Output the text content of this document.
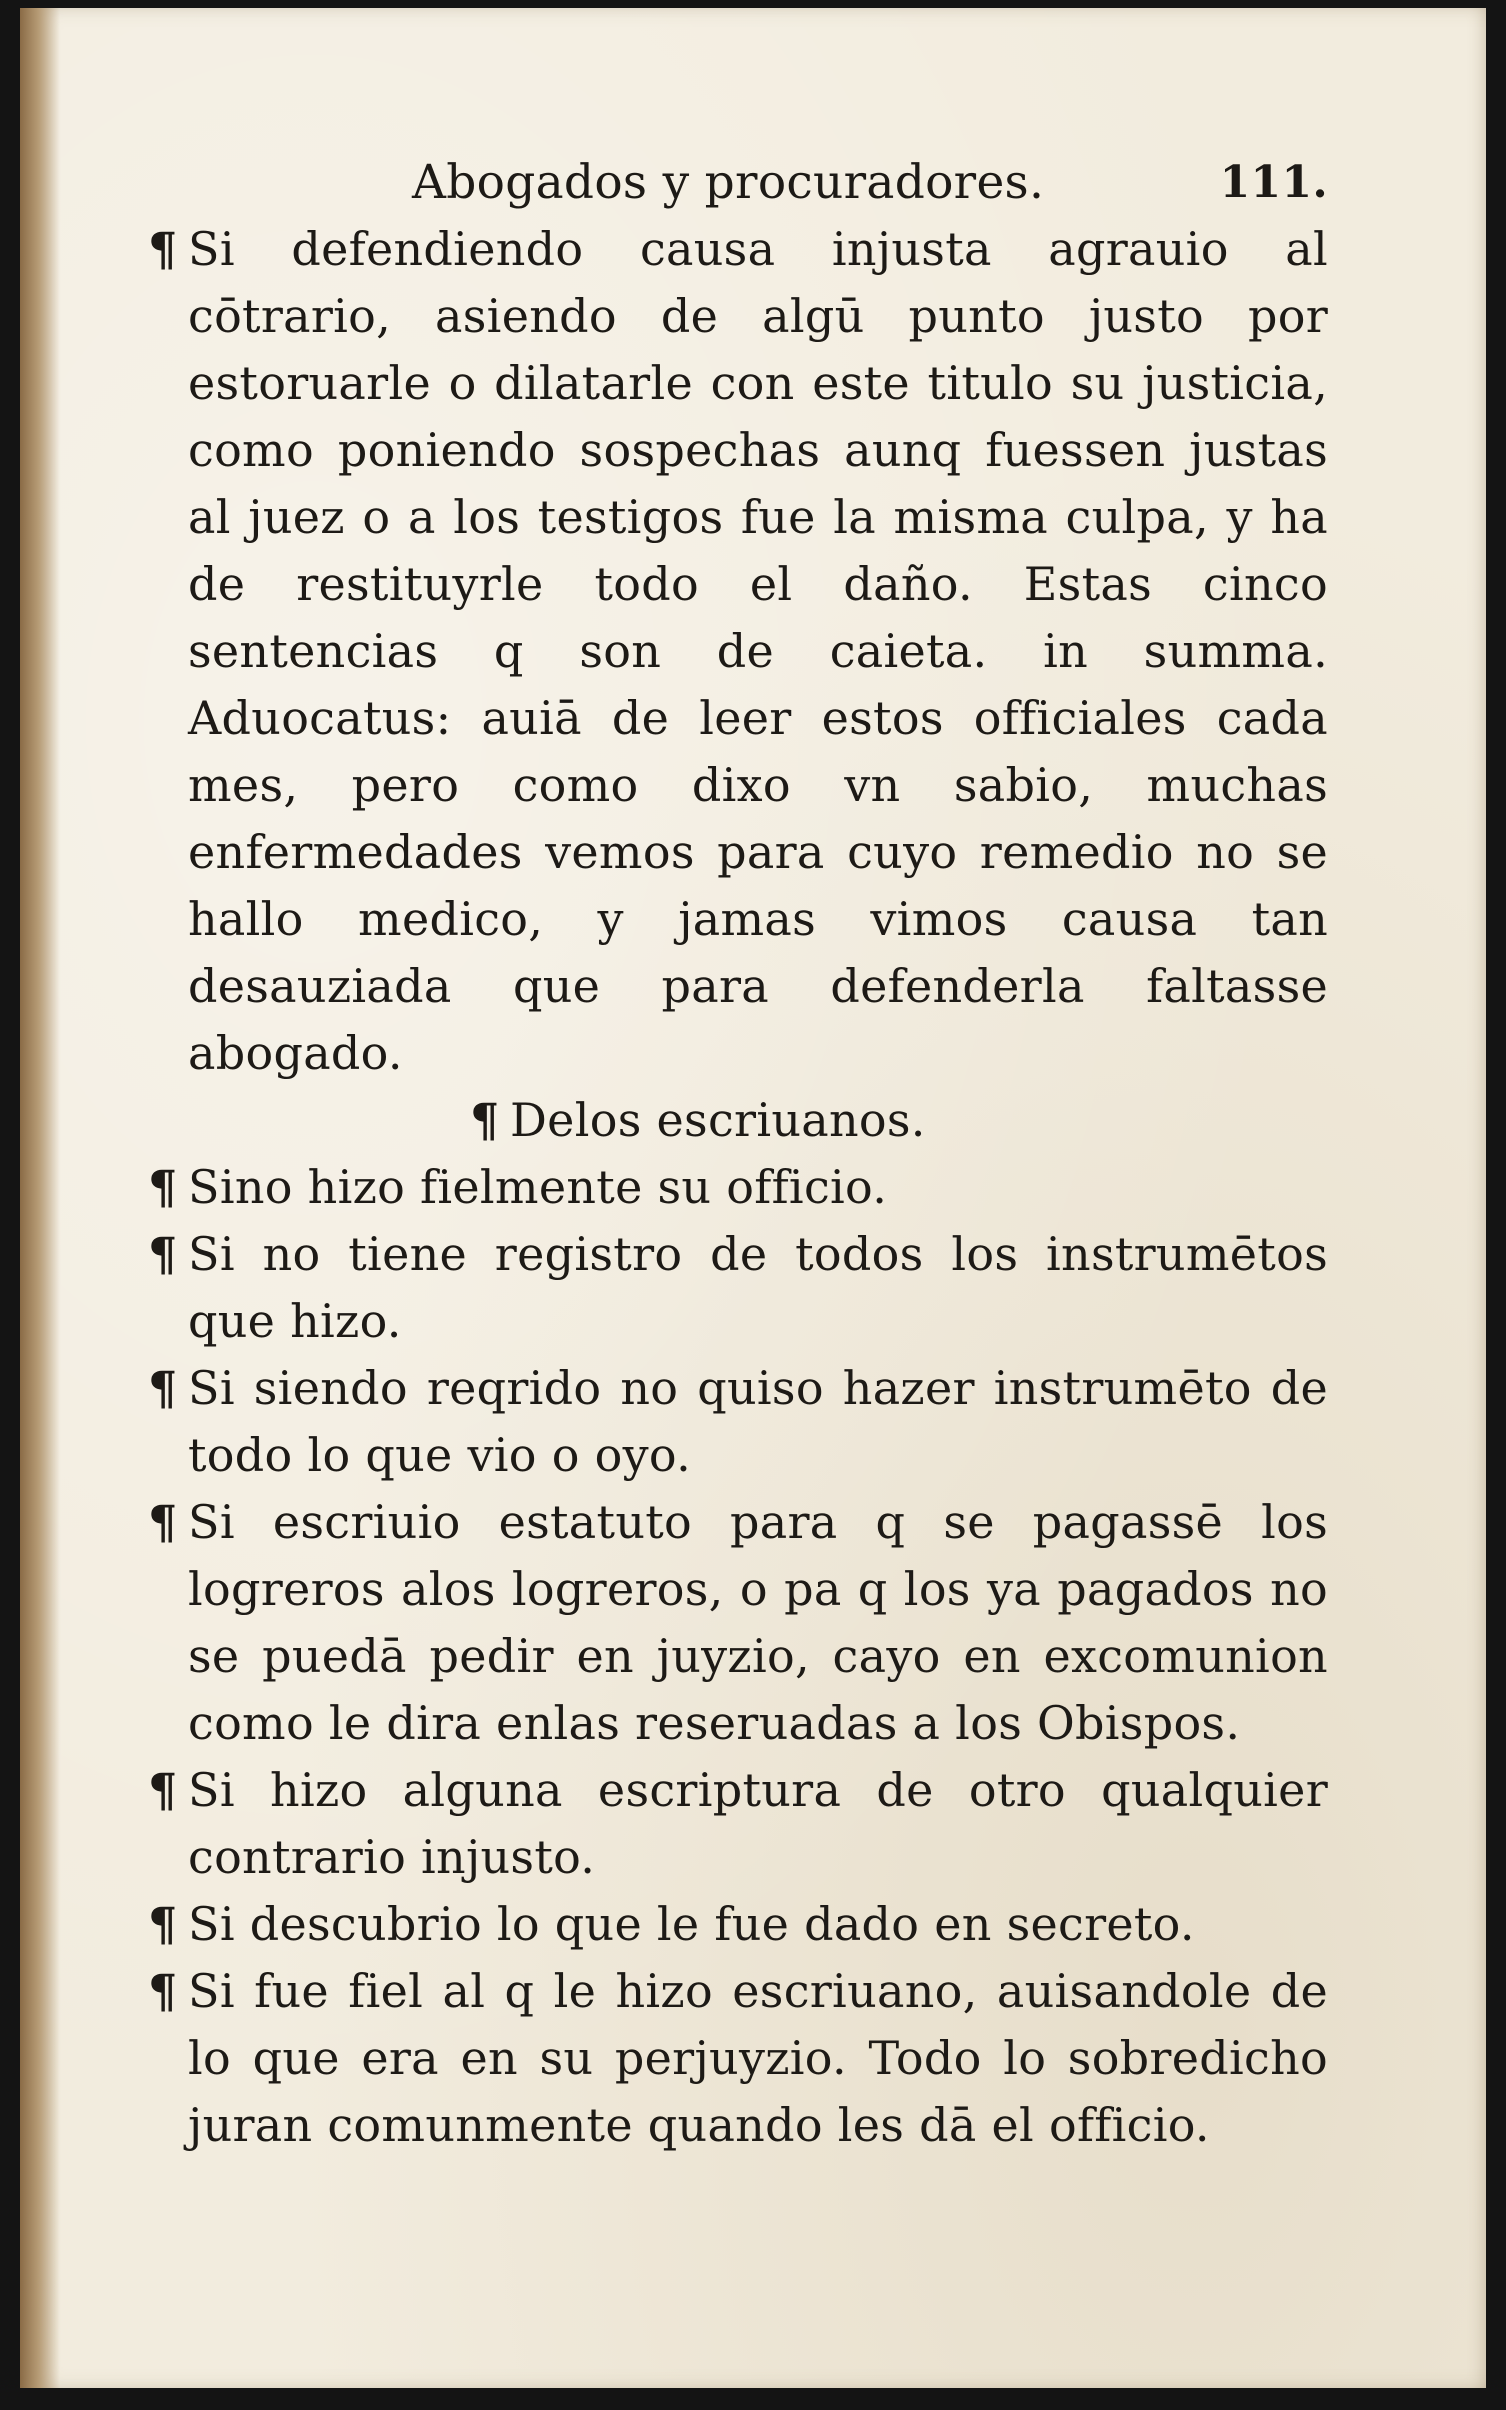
Abogados y procuradores.	111.

¶ Si defendiendo causa injusta agrauio al cōtrario, asiendo de algū punto justo por estoruarle o dilatarle con este titulo su justicia, como poniendo sospechas aunq fuessen justas al juez o a los testigos fue la misma culpa, y ha de restituyrle todo el daño. Estas cinco sentencias q son de caieta. in summa. Aduocatus: auiā de leer estos officiales cada mes, pero como dixo vn sabio, muchas enfermedades vemos para cuyo remedio no se hallo medico, y jamas vimos causa tan desauziada que para defenderla faltasse abogado.

¶ Delos escriuanos.

¶ Sino hizo fielmente su officio.

¶ Si no tiene registro de todos los instrumētos que hizo.

¶ Si siendo reqrido no quiso hazer instrumēto de todo lo que vio o oyo.

¶ Si escriuio estatuto para q se pagassē los logreros alos logreros, o pa q los ya pagados no se puedā pedir en juyzio, cayo en excomunion como le dira enlas reseruadas a los Obispos.

¶ Si hizo alguna escriptura de otro qualquier contrario injusto.

¶ Si descubrio lo que le fue dado en secreto.

¶ Si fue fiel al q le hizo escriuano, auisandole de lo que era en su perjuyzio. Todo lo sobredicho juran comunmente quando les dā el officio.
